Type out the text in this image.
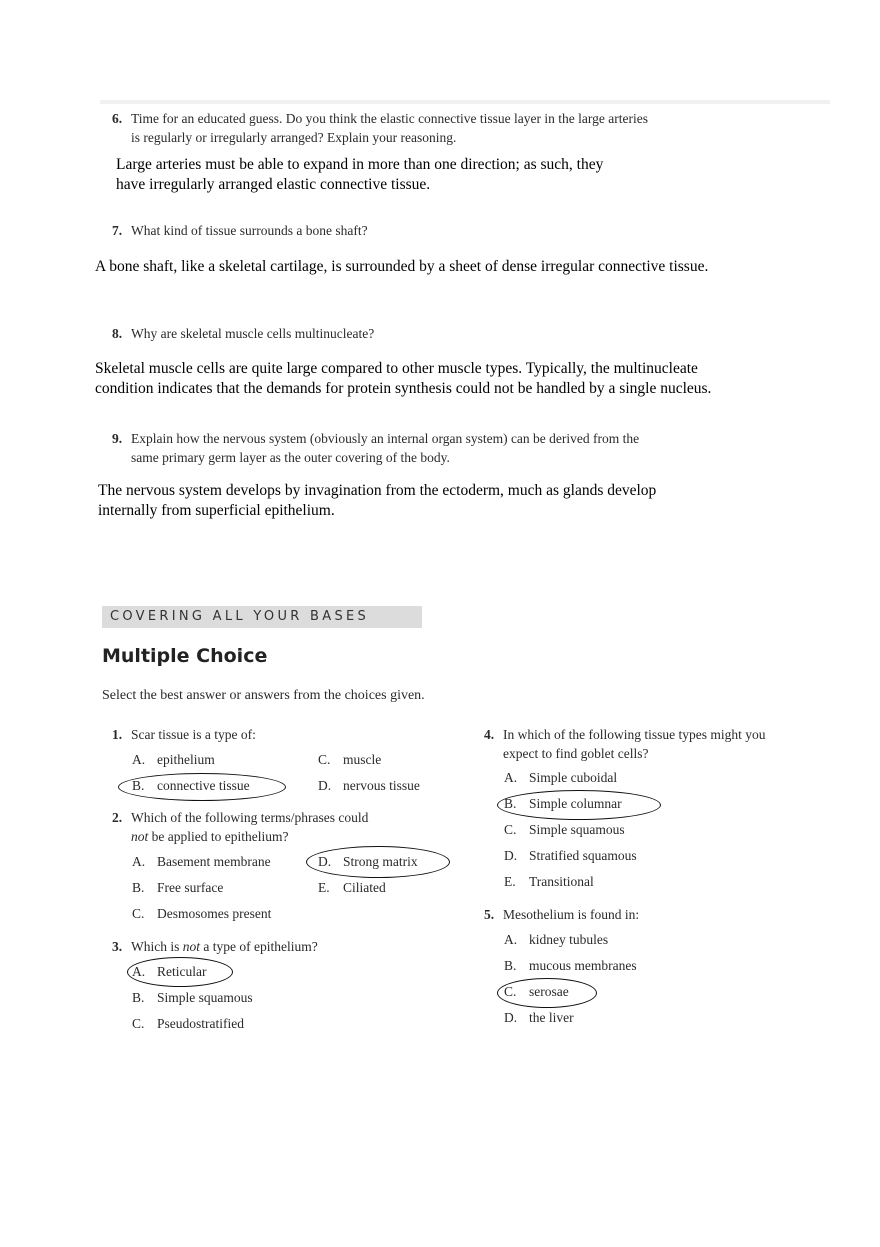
6. Time for an educated guess. Do you think the elastic connective tissue layer in the large arteries
is regularly or irregularly arranged? Explain your reasoning.
Large arteries must be able to expand in more than one direction; as such, they
have irregularly arranged elastic connective tissue.
7. What kind of tissue surrounds a bone shaft?
A bone shaft, like a skeletal cartilage, is surrounded by a sheet of dense irregular connective tissue.
8. Why are skeletal muscle cells multinucleate?
Skeletal muscle cells are quite large compared to other muscle types. Typically, the multinucleate
condition indicates that the demands for protein synthesis could not be handled by a single nucleus.
9. Explain how the nervous system (obviously an internal organ system) can be derived from the
same primary germ layer as the outer covering of the body.
The nervous system develops by invagination from the ectoderm, much as glands develop
internally from superficial epithelium.
COVERING ALL YOUR BASES
Multiple Choice
Select the best answer or answers from the choices given.
1. Scar tissue is a type of:
A. epithelium	C. muscle
B. connective tissue	D. nervous tissue
2. Which of the following terms/phrases could
not be applied to epithelium?
A. Basement membrane	D. Strong matrix
B. Free surface	E. Ciliated
C. Desmosomes present
3. Which is not a type of epithelium?
A. Reticular
B. Simple squamous
C. Pseudostratified
4. In which of the following tissue types might you
expect to find goblet cells?
A. Simple cuboidal
B. Simple columnar
C. Simple squamous
D. Stratified squamous
E. Transitional
5. Mesothelium is found in:
A. kidney tubules
B. mucous membranes
C. serosae
D. the liver
